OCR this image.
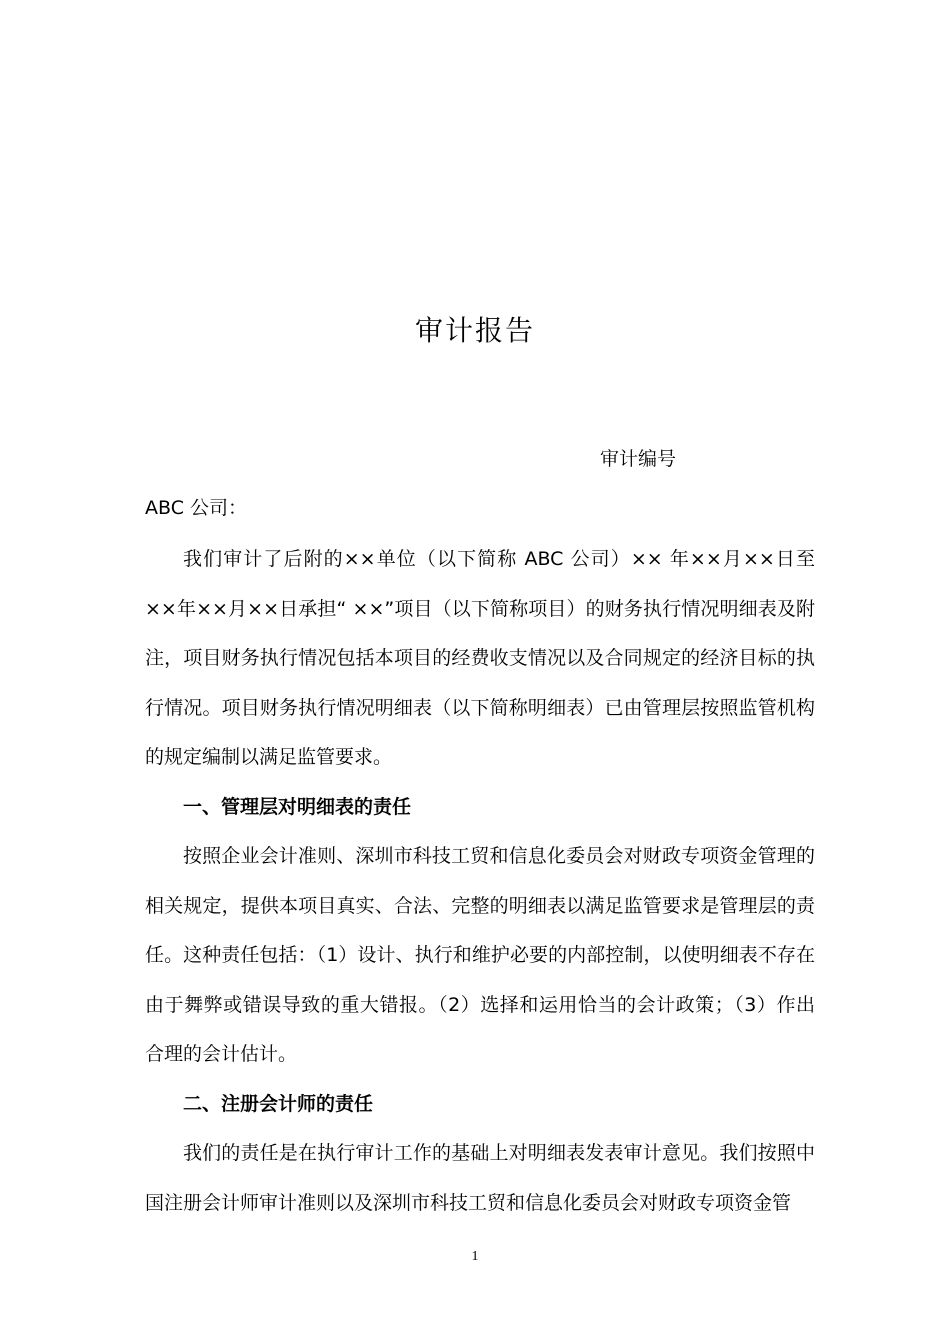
审计报告
审计编号
ABC 公司：

我们审计了后附的××单位（以下简称 ABC 公司）×× 年××月××日至××年××月××日承担“ ××”项目（以下简称项目）的财务执行情况明细表及附注，项目财务执行情况包括本项目的经费收支情况以及合同规定的经济目标的执行情况。项目财务执行情况明细表（以下简称明细表）已由管理层按照监管机构的规定编制以满足监管要求。

一、管理层对明细表的责任

按照企业会计准则、深圳市科技工贸和信息化委员会对财政专项资金管理的相关规定，提供本项目真实、合法、完整的明细表以满足监管要求是管理层的责任。这种责任包括：（1）设计、执行和维护必要的内部控制，以使明细表不存在由于舞弊或错误导致的重大错报。（2）选择和运用恰当的会计政策；（3）作出合理的会计估计。

二、注册会计师的责任

我们的责任是在执行审计工作的基础上对明细表发表审计意见。我们按照中国注册会计师审计准则以及深圳市科技工贸和信息化委员会对财政专项资金管

1
